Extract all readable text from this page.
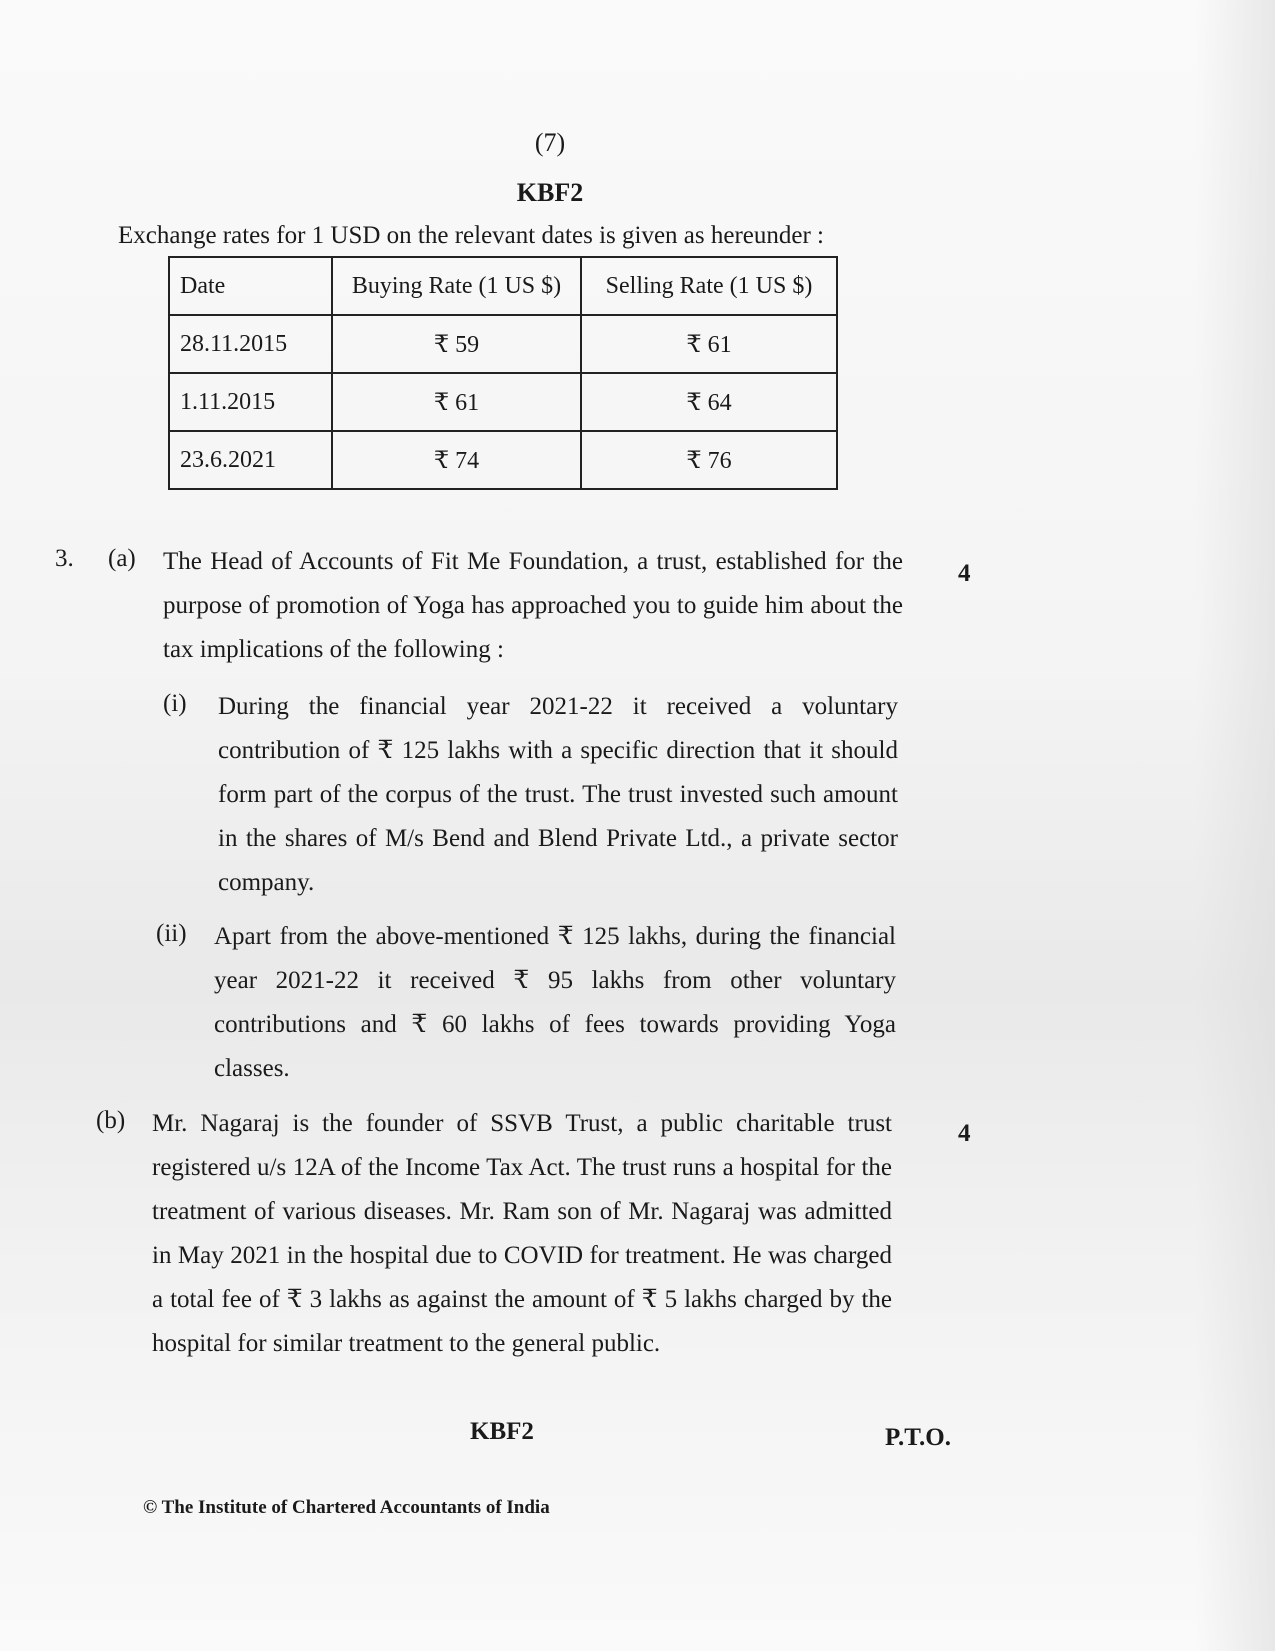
(7)
KBF2
Exchange rates for 1 USD on the relevant dates is given as hereunder :
Date	Buying Rate (1 US $)	Selling Rate (1 US $)
28.11.2015	₹ 59	₹ 61
1.11.2015	₹ 61	₹ 64
23.6.2021	₹ 74	₹ 76
3. (a) The Head of Accounts of Fit Me Foundation, a trust, established for the purpose of promotion of Yoga has approached you to guide him about the tax implications of the following :
4
(i) During the financial year 2021-22 it received a voluntary contribution of ₹ 125 lakhs with a specific direction that it should form part of the corpus of the trust. The trust invested such amount in the shares of M/s Bend and Blend Private Ltd., a private sector company.
(ii) Apart from the above-mentioned ₹ 125 lakhs, during the financial year 2021-22 it received ₹ 95 lakhs from other voluntary contributions and ₹ 60 lakhs of fees towards providing Yoga classes.
(b) Mr. Nagaraj is the founder of SSVB Trust, a public charitable trust registered u/s 12A of the Income Tax Act. The trust runs a hospital for the treatment of various diseases. Mr. Ram son of Mr. Nagaraj was admitted in May 2021 in the hospital due to COVID for treatment. He was charged a total fee of ₹ 3 lakhs as against the amount of ₹ 5 lakhs charged by the hospital for similar treatment to the general public.
4
KBF2	P.T.O.
© The Institute of Chartered Accountants of India
